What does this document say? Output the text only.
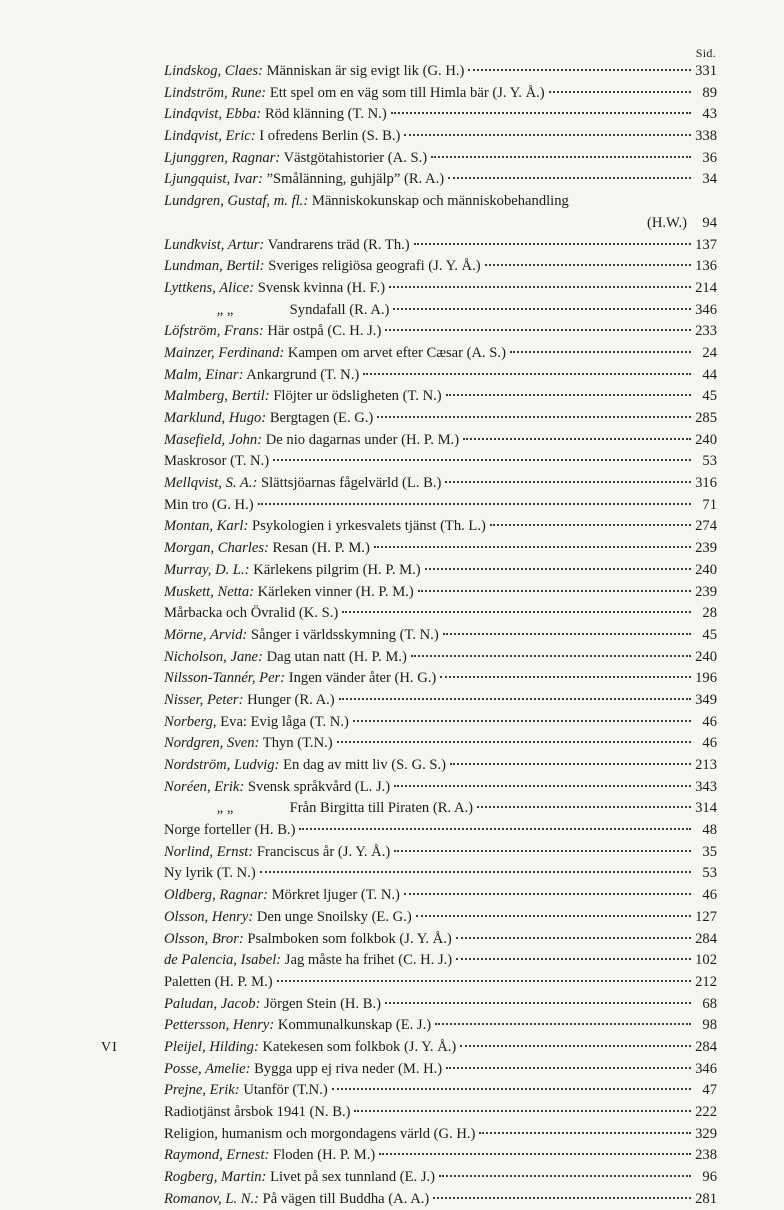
Sid.
Lindskog, Claes: Människan är sig evigt lik (G. H.)	331
Lindström, Rune: Ett spel om en väg som till Himla bär (J. Y. Å.)	89
Lindqvist, Ebba: Röd klänning (T. N.)	43
Lindqvist, Eric: I ofredens Berlin (S. B.)	338
Ljunggren, Ragnar: Västgötahistorier (A. S.)	36
Ljungquist, Ivar: ”Smålänning, guhjälp” (R. A.)	34
Lundgren, Gustaf, m. fl.: Människokunskap och människobehandling
(H.W.)	94
Lundkvist, Artur: Vandrarens träd (R. Th.)	137
Lundman, Bertil: Sveriges religiösa geografi (J. Y. Å.)	136
Lyttkens, Alice: Svensk kvinna (H. F.)	214
„ „	Syndafall (R. A.)	346
Löfström, Frans: Här ostpå (C. H. J.)	233
Mainzer, Ferdinand: Kampen om arvet efter Cæsar (A. S.)	24
Malm, Einar: Ankargrund (T. N.)	44
Malmberg, Bertil: Flöjter ur ödsligheten (T. N.)	45
Marklund, Hugo: Bergtagen (E. G.)	285
Masefield, John: De nio dagarnas under (H. P. M.)	240
Maskrosor (T. N.)	53
Mellqvist, S. A.: Slättsjöarnas fågelvärld (L. B.)	316
Min tro (G. H.)	71
Montan, Karl: Psykologien i yrkesvalets tjänst (Th. L.)	274
Morgan, Charles: Resan (H. P. M.)	239
Murray, D. L.: Kärlekens pilgrim (H. P. M.)	240
Muskett, Netta: Kärleken vinner (H. P. M.)	239
Mårbacka och Övralid (K. S.)	28
Mörne, Arvid: Sånger i världsskymning (T. N.)	45
Nicholson, Jane: Dag utan natt (H. P. M.)	240
Nilsson-Tannér, Per: Ingen vänder åter (H. G.)	196
Nisser, Peter: Hunger (R. A.)	349
Norberg, Eva: Evig låga (T. N.)	46
Nordgren, Sven: Thyn (T.N.)	46
Nordström, Ludvig: En dag av mitt liv (S. G. S.)	213
Noréen, Erik: Svensk språkvård (L. J.)	343
„ „	Från Birgitta till Piraten (R. A.)	314
Norge forteller (H. B.)	48
Norlind, Ernst: Franciscus år (J. Y. Å.)	35
Ny lyrik (T. N.)	53
Oldberg, Ragnar: Mörkret ljuger (T. N.)	46
Olsson, Henry: Den unge Snoilsky (E. G.)	127
Olsson, Bror: Psalmboken som folkbok (J. Y. Å.)	284
de Palencia, Isabel: Jag måste ha frihet (C. H. J.)	102
Paletten (H. P. M.)	212
Paludan, Jacob: Jörgen Stein (H. B.)	68
Pettersson, Henry: Kommunalkunskap (E. J.)	98
Pleijel, Hilding: Katekesen som folkbok (J. Y. Å.)	284
Posse, Amelie: Bygga upp ej riva neder (M. H.)	346
Prejne, Erik: Utanför (T.N.)	47
Radiotjänst årsbok 1941 (N. B.)	222
Religion, humanism och morgondagens värld (G. H.)	329
Raymond, Ernest: Floden (H. P. M.)	238
Rogberg, Martin: Livet på sex tunnland (E. J.)	96
Romanov, L. N.: På vägen till Buddha (A. A.)	281
VI
